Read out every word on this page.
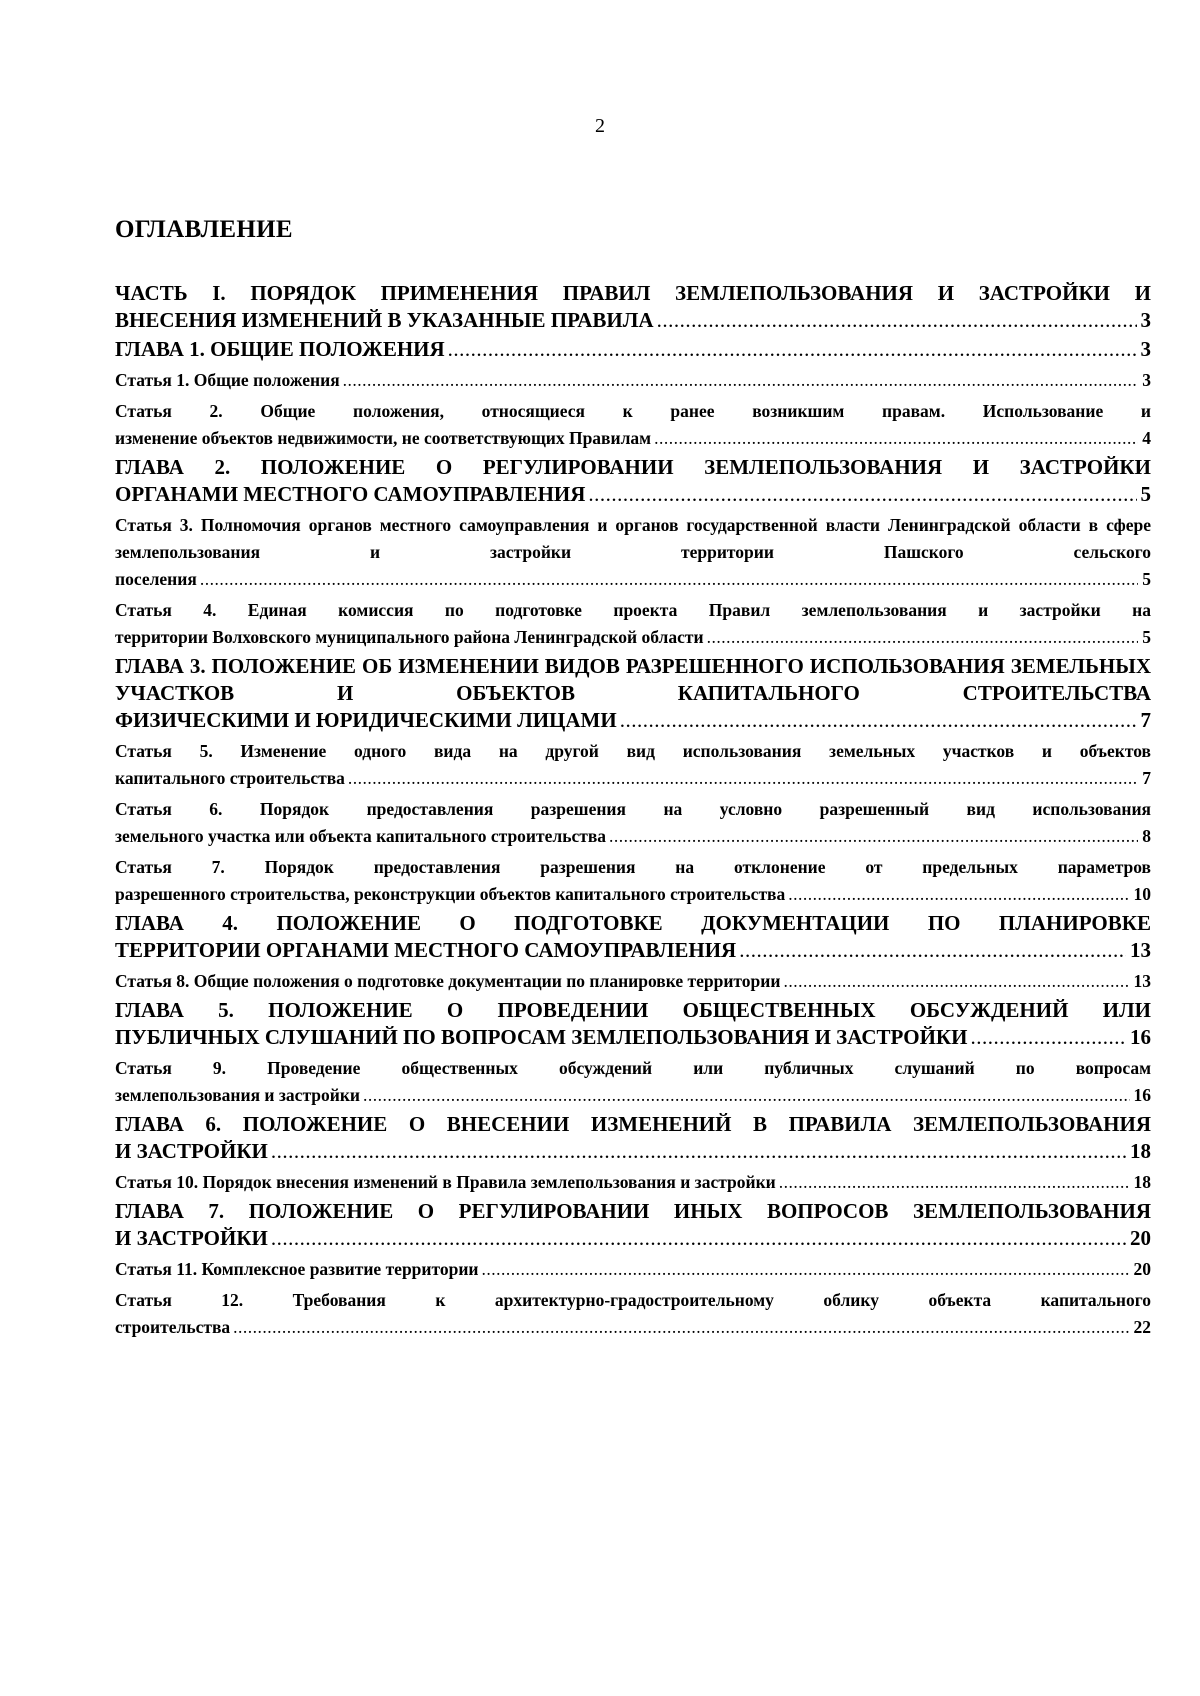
2
ОГЛАВЛЕНИЕ
ЧАСТЬ I. ПОРЯДОК ПРИМЕНЕНИЯ ПРАВИЛ ЗЕМЛЕПОЛЬЗОВАНИЯ И ЗАСТРОЙКИ И
ВНЕСЕНИЯ ИЗМЕНЕНИЙ В УКАЗАННЫЕ ПРАВИЛА .....	3
ГЛАВА 1. ОБЩИЕ ПОЛОЖЕНИЯ .....	3
Статья 1. Общие положения .....	3
Статья 2. Общие положения, относящиеся к ранее возникшим правам. Использование и
изменение объектов недвижимости, не соответствующих Правилам .....	4
ГЛАВА 2. ПОЛОЖЕНИЕ О РЕГУЛИРОВАНИИ ЗЕМЛЕПОЛЬЗОВАНИЯ И ЗАСТРОЙКИ
ОРГАНАМИ МЕСТНОГО САМОУПРАВЛЕНИЯ .....	5
Статья 3. Полномочия органов местного самоуправления и органов государственной власти Ленинградской области в сфере землепользования и застройки территории Пашского сельского
поселения .....	5
Статья 4. Единая комиссия по подготовке проекта Правил землепользования и застройки на
территории Волховского муниципального района Ленинградской области .....	5
ГЛАВА 3. ПОЛОЖЕНИЕ ОБ ИЗМЕНЕНИИ ВИДОВ РАЗРЕШЕННОГО ИСПОЛЬЗОВАНИЯ ЗЕМЕЛЬНЫХ УЧАСТКОВ И ОБЪЕКТОВ КАПИТАЛЬНОГО СТРОИТЕЛЬСТВА
ФИЗИЧЕСКИМИ И ЮРИДИЧЕСКИМИ ЛИЦАМИ .....	7
Статья 5. Изменение одного вида на другой вид использования земельных участков и объектов
капитального строительства .....	7
Статья 6. Порядок предоставления разрешения на условно разрешенный вид использования
земельного участка или объекта капитального строительства .....	8
Статья 7. Порядок предоставления разрешения на отклонение от предельных параметров
разрешенного строительства, реконструкции объектов капитального строительства .....	10
ГЛАВА 4. ПОЛОЖЕНИЕ О ПОДГОТОВКЕ ДОКУМЕНТАЦИИ ПО ПЛАНИРОВКЕ
ТЕРРИТОРИИ ОРГАНАМИ МЕСТНОГО САМОУПРАВЛЕНИЯ .....	13
Статья 8. Общие положения о подготовке документации по планировке территории .....	13
ГЛАВА 5. ПОЛОЖЕНИЕ О ПРОВЕДЕНИИ ОБЩЕСТВЕННЫХ ОБСУЖДЕНИЙ ИЛИ
ПУБЛИЧНЫХ СЛУШАНИЙ ПО ВОПРОСАМ ЗЕМЛЕПОЛЬЗОВАНИЯ И ЗАСТРОЙКИ .....	16
Статья 9. Проведение общественных обсуждений или публичных слушаний по вопросам
землепользования и застройки .....	16
ГЛАВА 6. ПОЛОЖЕНИЕ О ВНЕСЕНИИ ИЗМЕНЕНИЙ В ПРАВИЛА ЗЕМЛЕПОЛЬЗОВАНИЯ
И ЗАСТРОЙКИ .....	18
Статья 10. Порядок внесения изменений в Правила землепользования и застройки .....	18
ГЛАВА 7. ПОЛОЖЕНИЕ О РЕГУЛИРОВАНИИ ИНЫХ ВОПРОСОВ ЗЕМЛЕПОЛЬЗОВАНИЯ
И ЗАСТРОЙКИ .....	20
Статья 11. Комплексное развитие территории .....	20
Статья 12. Требования к архитектурно-градостроительному облику объекта капитального
строительства .....	22
